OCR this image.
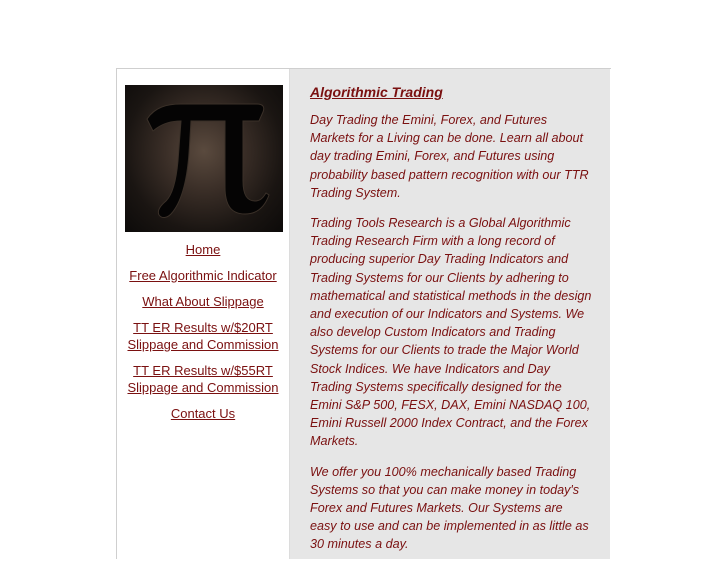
Home
Free Algorithmic Indicator
What About Slippage
TT ER Results w/$20RT Slippage and Commission
TT ER Results w/$55RT Slippage and Commission
Contact Us
Algorithmic Trading

Day Trading the Emini, Forex, and Futures Markets for a Living can be done. Learn all about day trading Emini, Forex, and Futures using probability based pattern recognition with our TTR Trading System.

Trading Tools Research is a Global Algorithmic Trading Research Firm with a long record of producing superior Day Trading Indicators and Trading Systems for our Clients by adhering to mathematical and statistical methods in the design and execution of our Indicators and Systems. We also develop Custom Indicators and Trading Systems for our Clients to trade the Major World Stock Indices. We have Indicators and Day Trading Systems specifically designed for the Emini S&P 500, FESX, DAX, Emini NASDAQ 100, Emini Russell 2000 Index Contract, and the Forex Markets.

We offer you 100% mechanically based Trading Systems so that you can make money in today's Forex and Futures Markets. Our Systems are easy to use and can be implemented in as little as 30 minutes a day.
